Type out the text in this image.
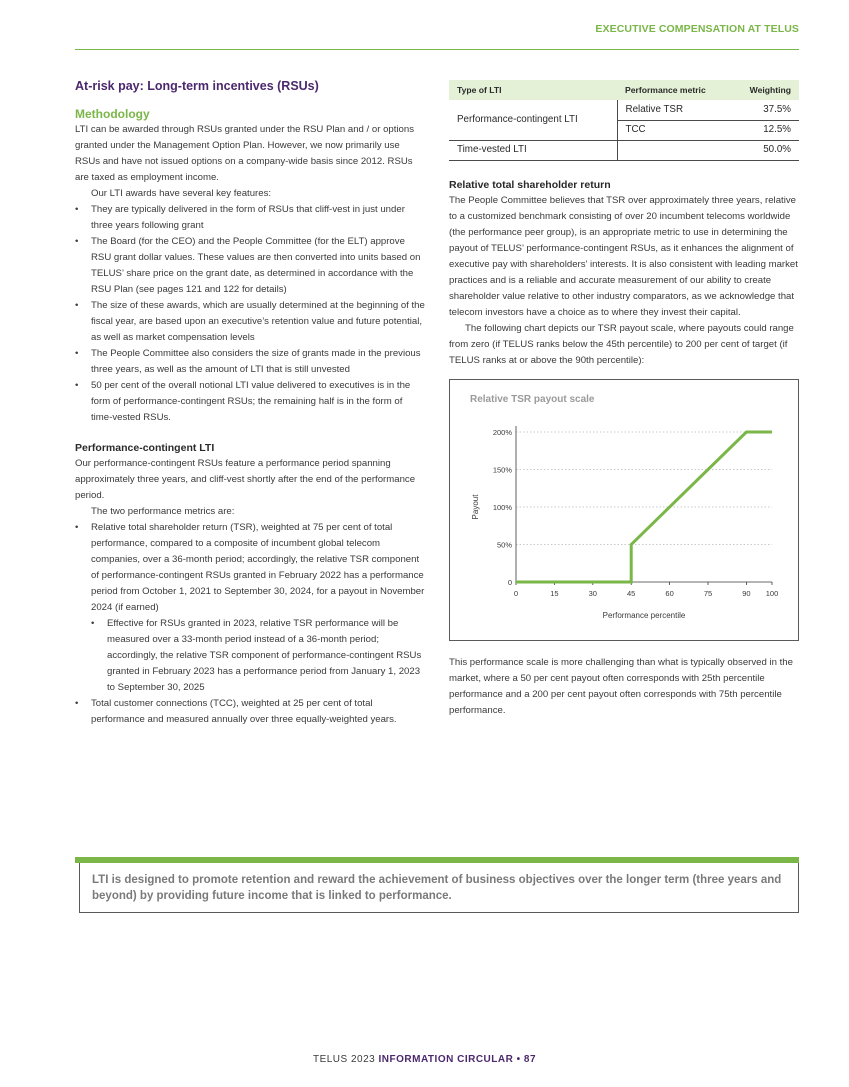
EXECUTIVE COMPENSATION AT TELUS
At-risk pay: Long-term incentives (RSUs)
Methodology

LTI can be awarded through RSUs granted under the RSU Plan and / or options granted under the Management Option Plan. However, we now primarily use RSUs and have not issued options on a company-wide basis since 2012. RSUs are taxed as employment income.

Our LTI awards have several key features:

• They are typically delivered in the form of RSUs that cliff-vest in just under three years following grant
• The Board (for the CEO) and the People Committee (for the ELT) approve RSU grant dollar values. These values are then converted into units based on TELUS’ share price on the grant date, as determined in accordance with the RSU Plan (see pages 121 and 122 for details)
• The size of these awards, which are usually determined at the beginning of the fiscal year, are based upon an executive’s retention value and future potential, as well as market compensation levels
• The People Committee also considers the size of grants made in the previous three years, as well as the amount of LTI that is still unvested
• 50 per cent of the overall notional LTI value delivered to executives is in the form of performance-contingent RSUs; the remaining half is in the form of time-vested RSUs.
Performance-contingent LTI

Our performance-contingent RSUs feature a performance period spanning approximately three years, and cliff-vest shortly after the end of the performance period.

The two performance metrics are:

• Relative total shareholder return (TSR), weighted at 75 per cent of total performance, compared to a composite of incumbent global telecom companies, over a 36-month period; accordingly, the relative TSR component of performance-contingent RSUs granted in February 2022 has a performance period from October 1, 2021 to September 30, 2024, for a payout in November 2024 (if earned)
• Effective for RSUs granted in 2023, relative TSR performance will be measured over a 33-month period instead of a 36-month period; accordingly, the relative TSR component of performance-contingent RSUs granted in February 2023 has a performance period from January 1, 2023 to September 30, 2025
• Total customer connections (TCC), weighted at 25 per cent of total performance and measured annually over three equally-weighted years.
Type of LTI	Performance metric	Weighting
Performance-contingent LTI	Relative TSR	37.5%
	TCC	12.5%
Time-vested LTI		50.0%
Relative total shareholder return

The People Committee believes that TSR over approximately three years, relative to a customized benchmark consisting of over 20 incumbent telecoms worldwide (the performance peer group), is an appropriate metric to use in determining the payout of TELUS’ performance-contingent RSUs, as it enhances the alignment of executive pay with shareholders’ interests. It is also consistent with leading market practices and is a reliable and accurate measurement of our ability to create shareholder value relative to other industry comparators, as we acknowledge that telecom investors have a choice as to where they invest their capital.

The following chart depicts our TSR payout scale, where payouts could range from zero (if TELUS ranks below the 45th percentile) to 200 per cent of target (if TELUS ranks at or above the 90th percentile):

Relative TSR payout scale
0
50%
100%
150%
200%
0	15	30	45	60	75	90 100
Performance percentile
Payout

This performance scale is more challenging than what is typically observed in the market, where a 50 per cent payout often corresponds with 25th percentile performance and a 200 per cent payout often corresponds with 75th percentile performance.

LTI is designed to promote retention and reward the achievement of business objectives over the longer term (three years and beyond) by providing future income that is linked to performance.
TELUS 2023 INFORMATION CIRCULAR • 87
